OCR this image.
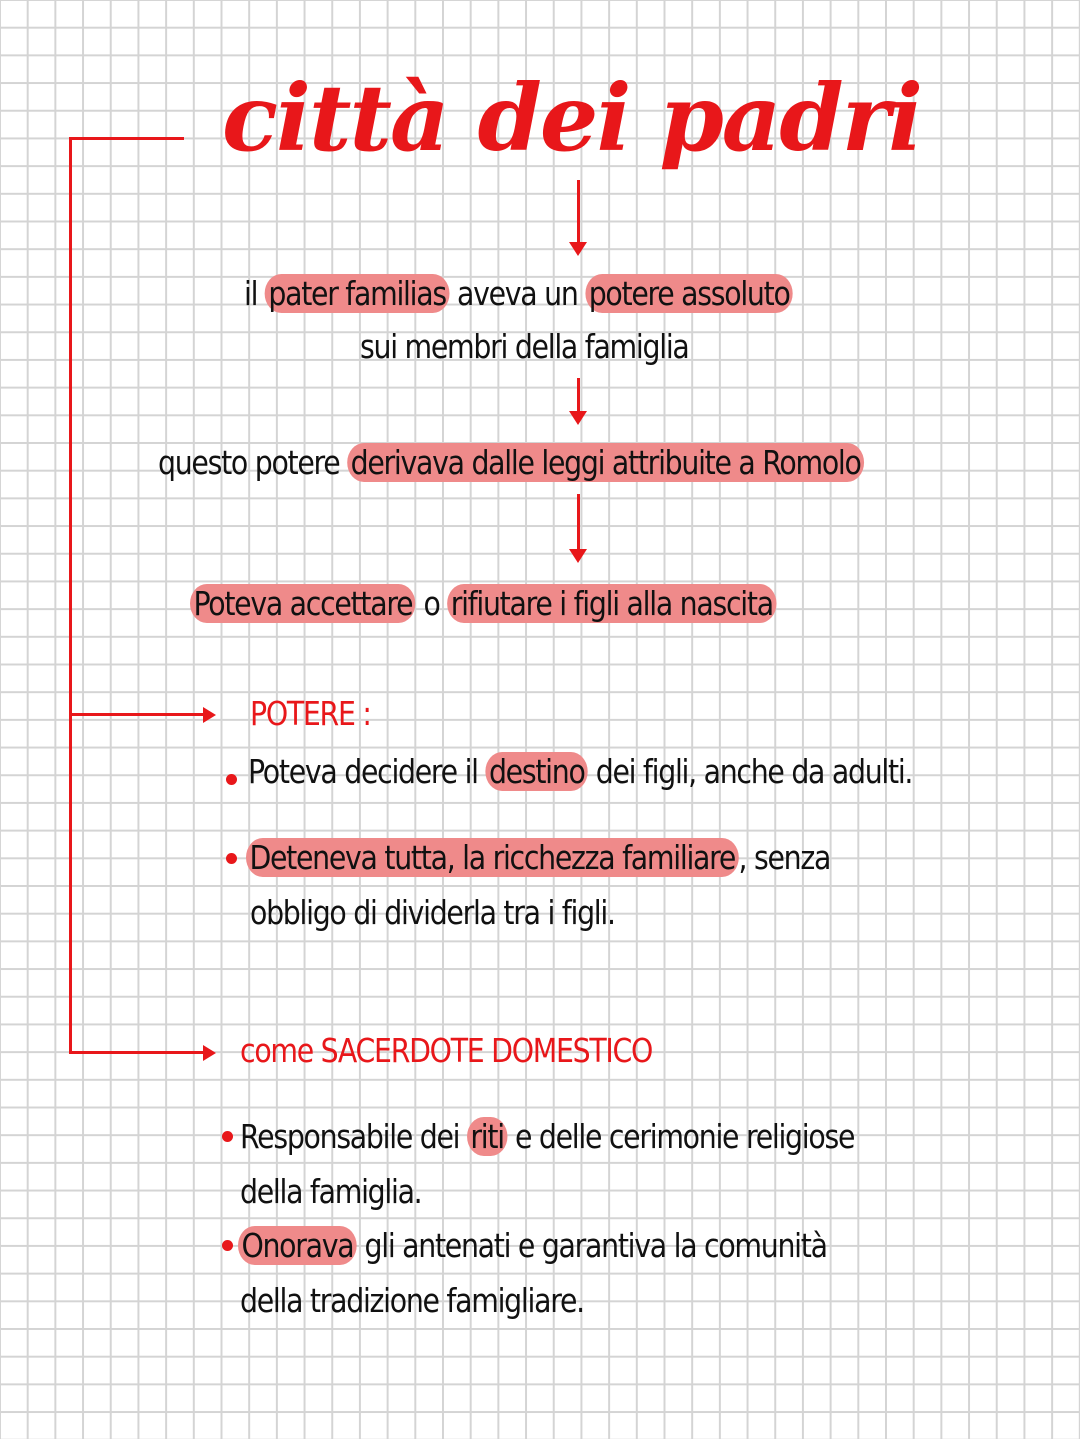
città dei padri
il pater familias aveva un potere assoluto
sui membri della famiglia
questo potere derivava dalle leggi attribuite a Romolo
Poteva accettare o rifiutare i figli alla nascita
POTERE :
Poteva decidere il destino dei figli, anche da adulti.
Deteneva tutta, la ricchezza familiare , senza
obbligo di dividerla tra i figli.
come SACERDOTE DOMESTICO
Responsabile dei riti e delle cerimonie religiose
della famiglia.
Onorava gli antenati e garantiva la comunità
della tradizione famigliare.
